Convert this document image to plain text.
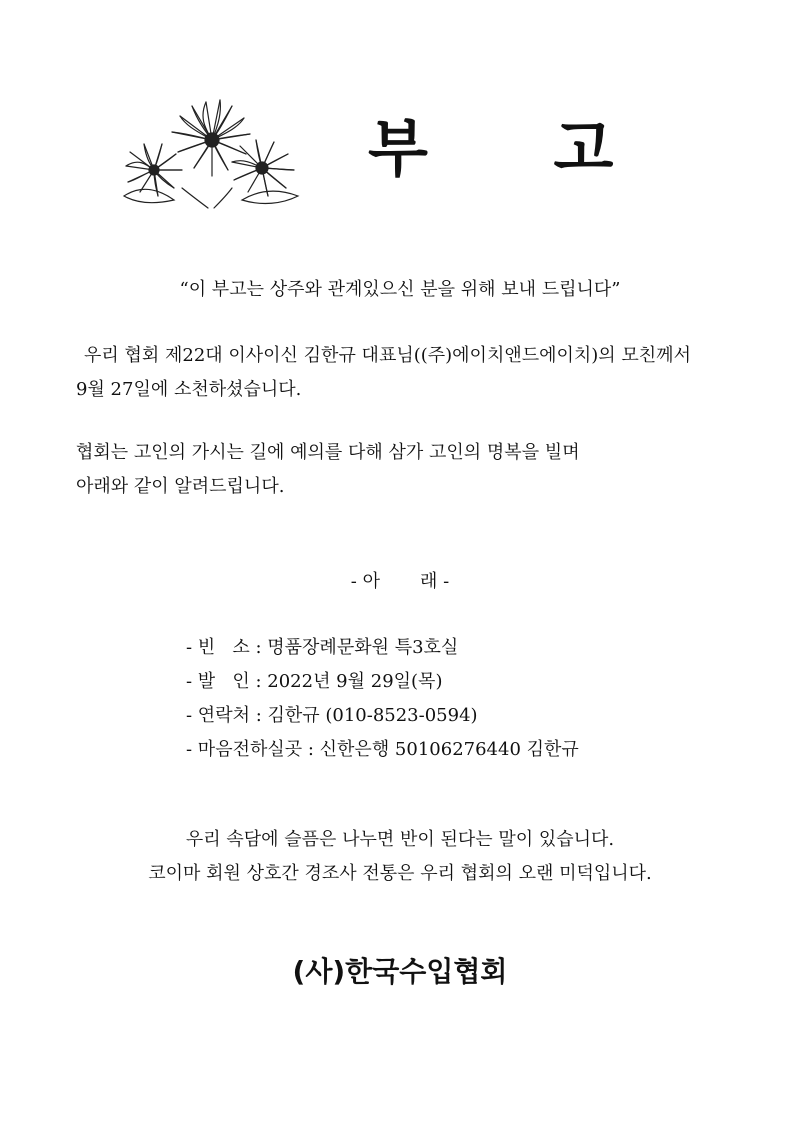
부 고
“이 부고는 상주와 관계있으신 분을 위해 보내 드립니다”

우리 협회 제22대 이사이신 김한규 대표님((주)에이치앤드에이치)의 모친께서

9월 27일에 소천하셨습니다.

협회는 고인의 가시는 길에 예의를 다해 삼가 고인의 명복을 빌며

아래와 같이 알려드립니다.

- 아       래 -
- 빈   소 : 명품장례문화원 특3호실
- 발   인 : 2022년 9월 29일(목)
- 연락처 : 김한규 (010-8523-0594)
- 마음전하실곳 : 신한은행 50106276440 김한규

우리 속담에 슬픔은 나누면 반이 된다는 말이 있습니다.

코이마 회원 상호간 경조사 전통은 우리 협회의 오랜 미덕입니다.

(사)한국수입협회
